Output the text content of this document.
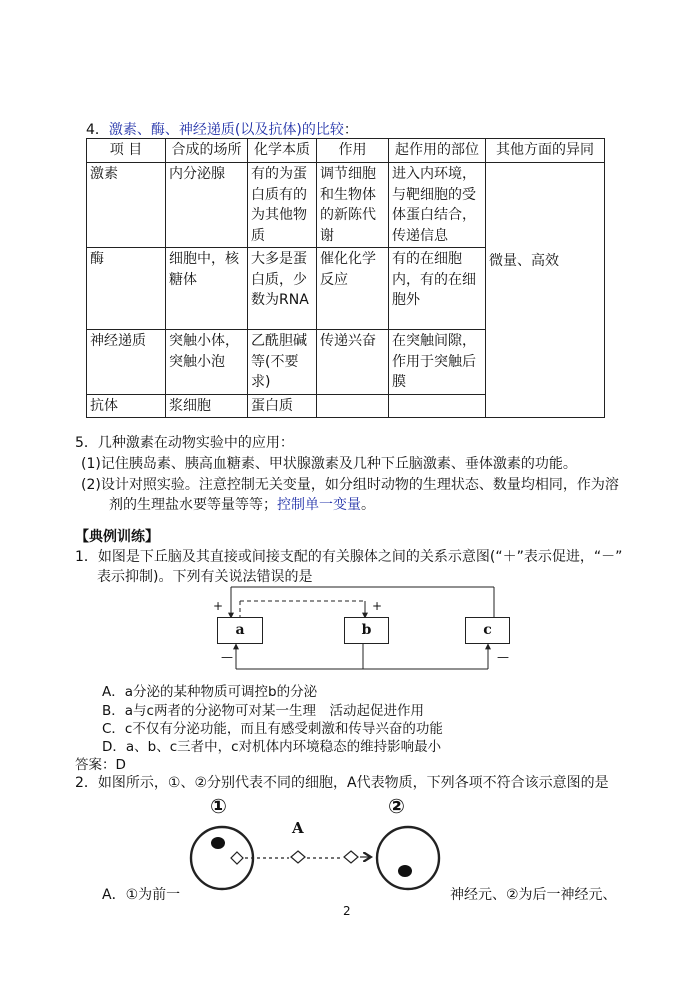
4．激素、酶、神经递质(以及抗体)的比较：
项 目	合成的场所	化学本质	作用	起作用的部位	其他方面的异同
激素	内分泌腺	有的为蛋白质有的为其他物质	调节细胞和生物体的新陈代谢	进入内环境，与靶细胞的受体蛋白结合，传递信息	微量、高效
酶	细胞中，核糖体	大多是蛋白质，少数为RNA	催化化学反应	有的在细胞内，有的在细胞外	
神经递质	突触小体，突触小泡	乙酰胆碱等(不要求)	传递兴奋	在突触间隙，作用于突触后膜	
抗体	浆细胞	蛋白质			
5．几种激素在动物实验中的应用：
(1)记住胰岛素、胰高血糖素、甲状腺激素及几种下丘脑激素、垂体激素的功能。
(2)设计对照实验。注意控制无关变量，如分组时动物的生理状态、数量均相同，作为溶
剂的生理盐水要等量等等；控制单一变量。
【典例训练】
1．如图是下丘脑及其直接或间接支配的有关腺体之间的关系示意图(“＋”表示促进，“－”
表示抑制)。下列有关说法错误的是
a	b	c
+	+
—	—
A．a分泌的某种物质可调控b的分泌
B．a与c两者的分泌物可对某一生理　活动起促进作用
C．c不仅有分泌功能，而且有感受刺激和传导兴奋的功能
D．a、b、c三者中，c对机体内环境稳态的维持影响最小
答案：D
2．如图所示，①、②分别代表不同的细胞，A代表物质，下列各项不符合该示意图的是
①	②
A
A．①为前一	神经元、②为后一神经元、
2
